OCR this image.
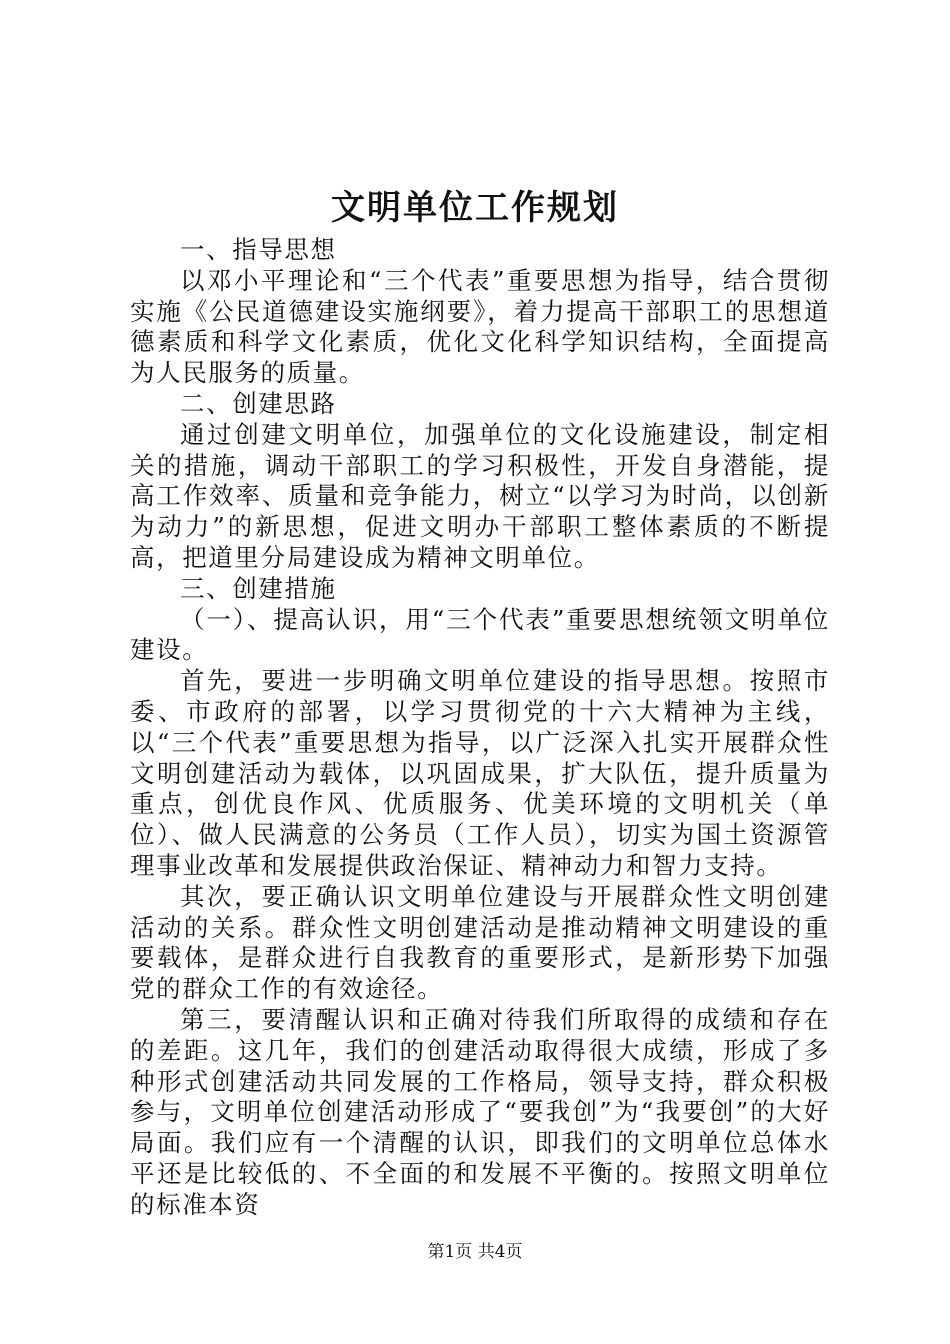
文明单位工作规划

一、指导思想

以邓小平理论和“三个代表”重要思想为指导，结合贯彻实施《公民道德建设实施纲要》，着力提高干部职工的思想道德素质和科学文化素质，优化文化科学知识结构，全面提高为人民服务的质量。

二、创建思路

通过创建文明单位，加强单位的文化设施建设，制定相关的措施，调动干部职工的学习积极性，开发自身潜能，提高工作效率、质量和竞争能力，树立“以学习为时尚，以创新为动力”的新思想，促进文明办干部职工整体素质的不断提高，把道里分局建设成为精神文明单位。

三、创建措施

（一）、提高认识，用“三个代表”重要思想统领文明单位建设。

首先，要进一步明确文明单位建设的指导思想。按照市委、市政府的部署，以学习贯彻党的十六大精神为主线，以“三个代表”重要思想为指导，以广泛深入扎实开展群众性文明创建活动为载体，以巩固成果，扩大队伍，提升质量为重点，创优良作风、优质服务、优美环境的文明机关（单位）、做人民满意的公务员（工作人员），切实为国土资源管理事业改革和发展提供政治保证、精神动力和智力支持。

其次，要正确认识文明单位建设与开展群众性文明创建活动的关系。群众性文明创建活动是推动精神文明建设的重要载体，是群众进行自我教育的重要形式，是新形势下加强党的群众工作的有效途径。

第三，要清醒认识和正确对待我们所取得的成绩和存在的差距。这几年，我们的创建活动取得很大成绩，形成了多种形式创建活动共同发展的工作格局，领导支持，群众积极参与，文明单位创建活动形成了“要我创”为“我要创”的大好局面。我们应有一个清醒的认识，即我们的文明单位总体水平还是比较低的、不全面的和发展不平衡的。按照文明单位的标准本资

第1页 共4页
